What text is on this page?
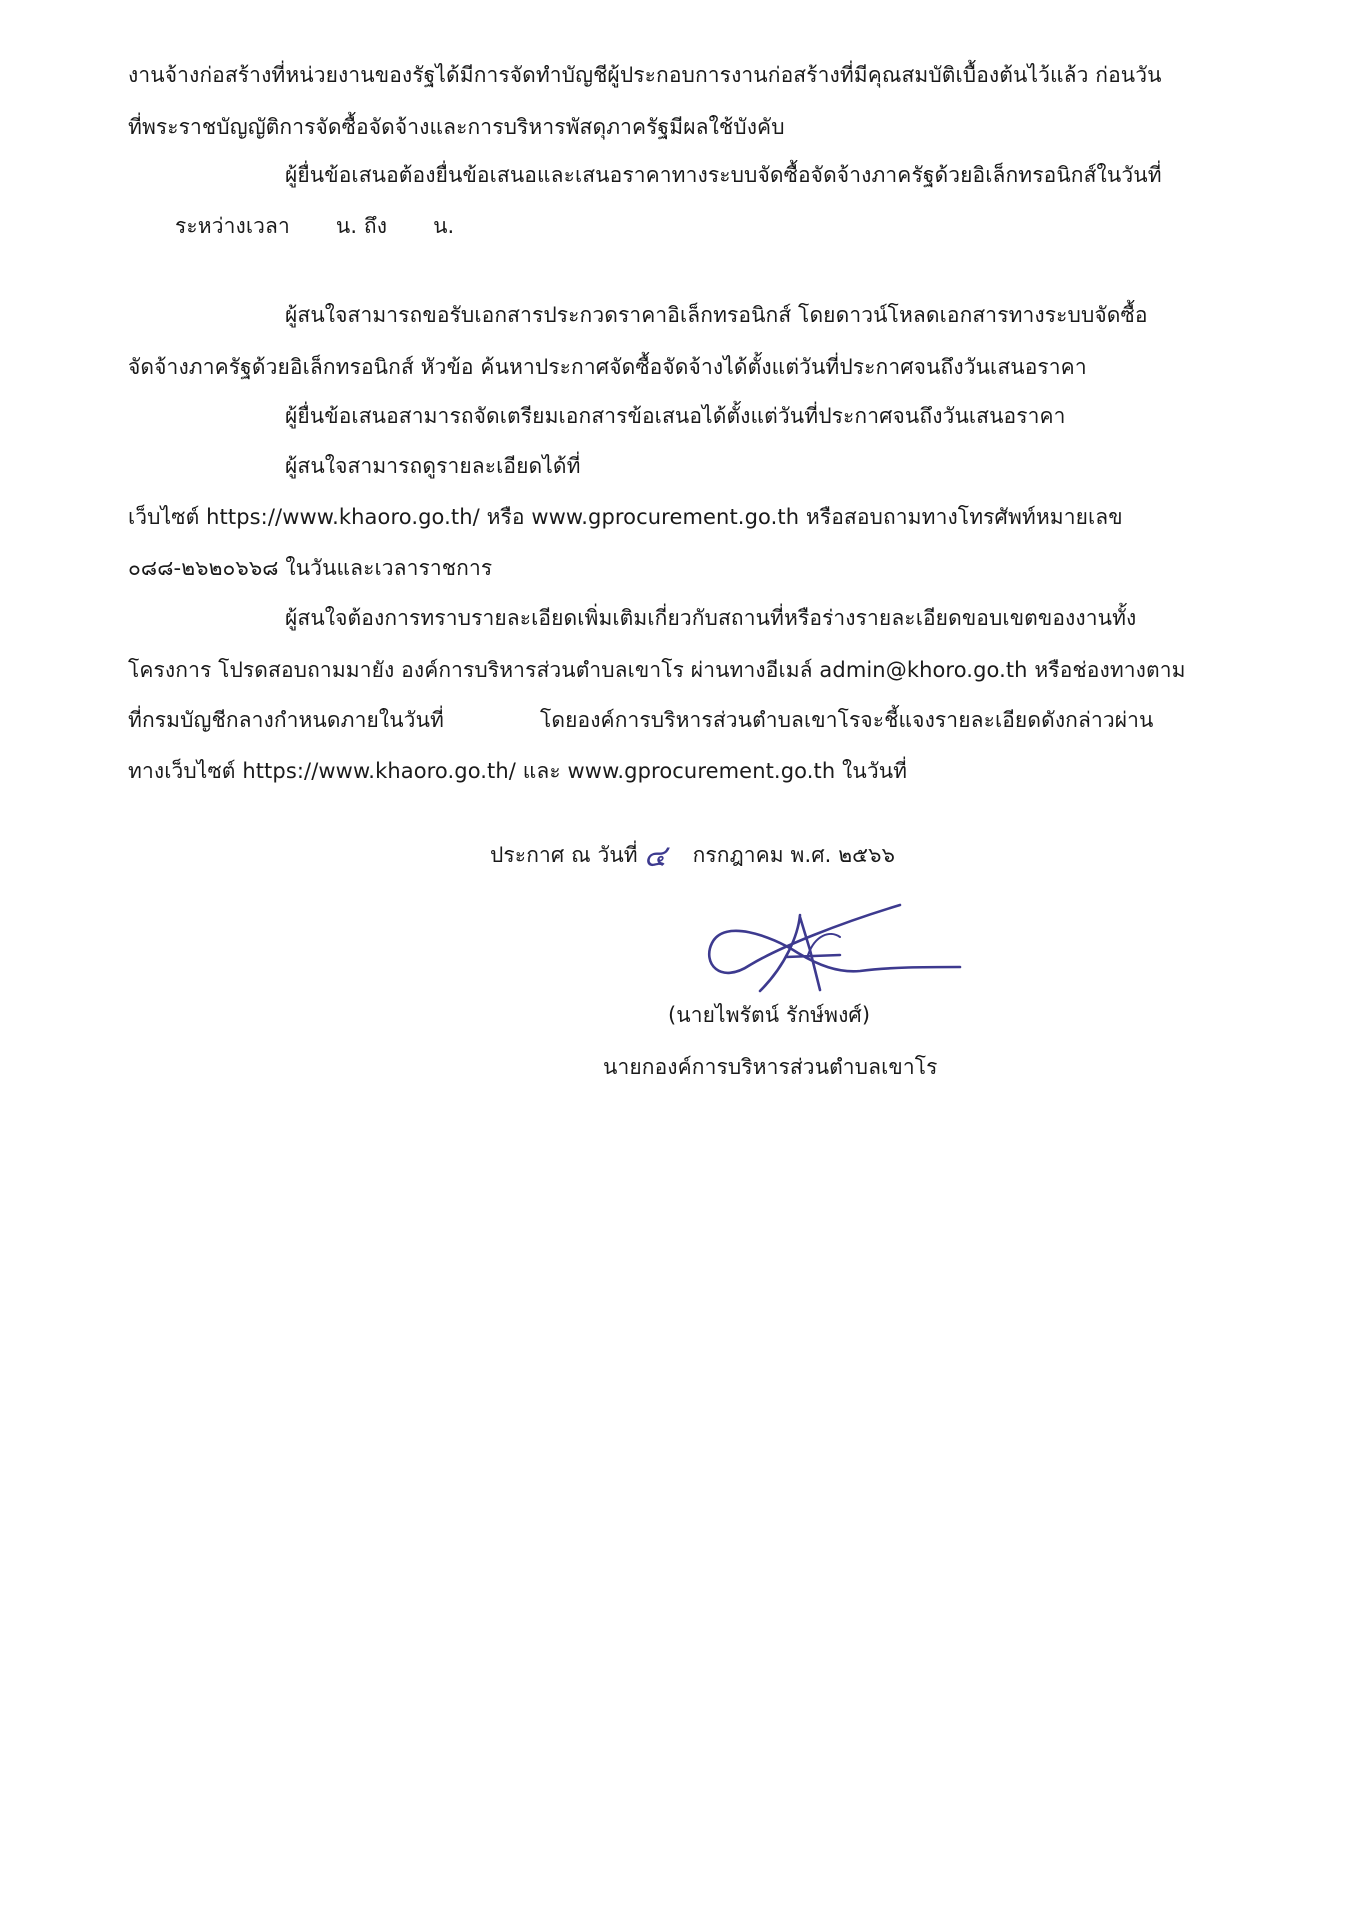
งานจ้างก่อสร้างที่หน่วยงานของรัฐได้มีการจัดทำบัญชีผู้ประกอบการงานก่อสร้างที่มีคุณสมบัติเบื้องต้นไว้แล้ว ก่อนวัน
ที่พระราชบัญญัติการจัดซื้อจัดจ้างและการบริหารพัสดุภาครัฐมีผลใช้บังคับ
ผู้ยื่นข้อเสนอต้องยื่นข้อเสนอและเสนอราคาทางระบบจัดซื้อจัดจ้างภาครัฐด้วยอิเล็กทรอนิกส์ในวันที่
ระหว่างเวลา น. ถึง น.
ผู้สนใจสามารถขอรับเอกสารประกวดราคาอิเล็กทรอนิกส์ โดยดาวน์โหลดเอกสารทางระบบจัดซื้อ
จัดจ้างภาครัฐด้วยอิเล็กทรอนิกส์ หัวข้อ ค้นหาประกาศจัดซื้อจัดจ้างได้ตั้งแต่วันที่ประกาศจนถึงวันเสนอราคา
ผู้ยื่นข้อเสนอสามารถจัดเตรียมเอกสารข้อเสนอได้ตั้งแต่วันที่ประกาศจนถึงวันเสนอราคา
ผู้สนใจสามารถดูรายละเอียดได้ที่
เว็บไซต์ https://www.khaoro.go.th/ หรือ www.gprocurement.go.th หรือสอบถามทางโทรศัพท์หมายเลข
๐๘๘-๒๖๒๐๖๖๘ ในวันและเวลาราชการ
ผู้สนใจต้องการทราบรายละเอียดเพิ่มเติมเกี่ยวกับสถานที่หรือร่างรายละเอียดขอบเขตของงานทั้ง
โครงการ โปรดสอบถามมายัง องค์การบริหารส่วนตำบลเขาโร ผ่านทางอีเมล์ admin@khoro.go.th หรือช่องทางตาม
ที่กรมบัญชีกลางกำหนดภายในวันที่	โดยองค์การบริหารส่วนตำบลเขาโรจะชี้แจงรายละเอียดดังกล่าวผ่าน
ทางเว็บไซต์ https://www.khaoro.go.th/ และ www.gprocurement.go.th ในวันที่
ประกาศ ณ วันที่ ๔ กรกฎาคม พ.ศ. ๒๕๖๖
(นายไพรัตน์ รักษ์พงศ์)
นายกองค์การบริหารส่วนตำบลเขาโร
